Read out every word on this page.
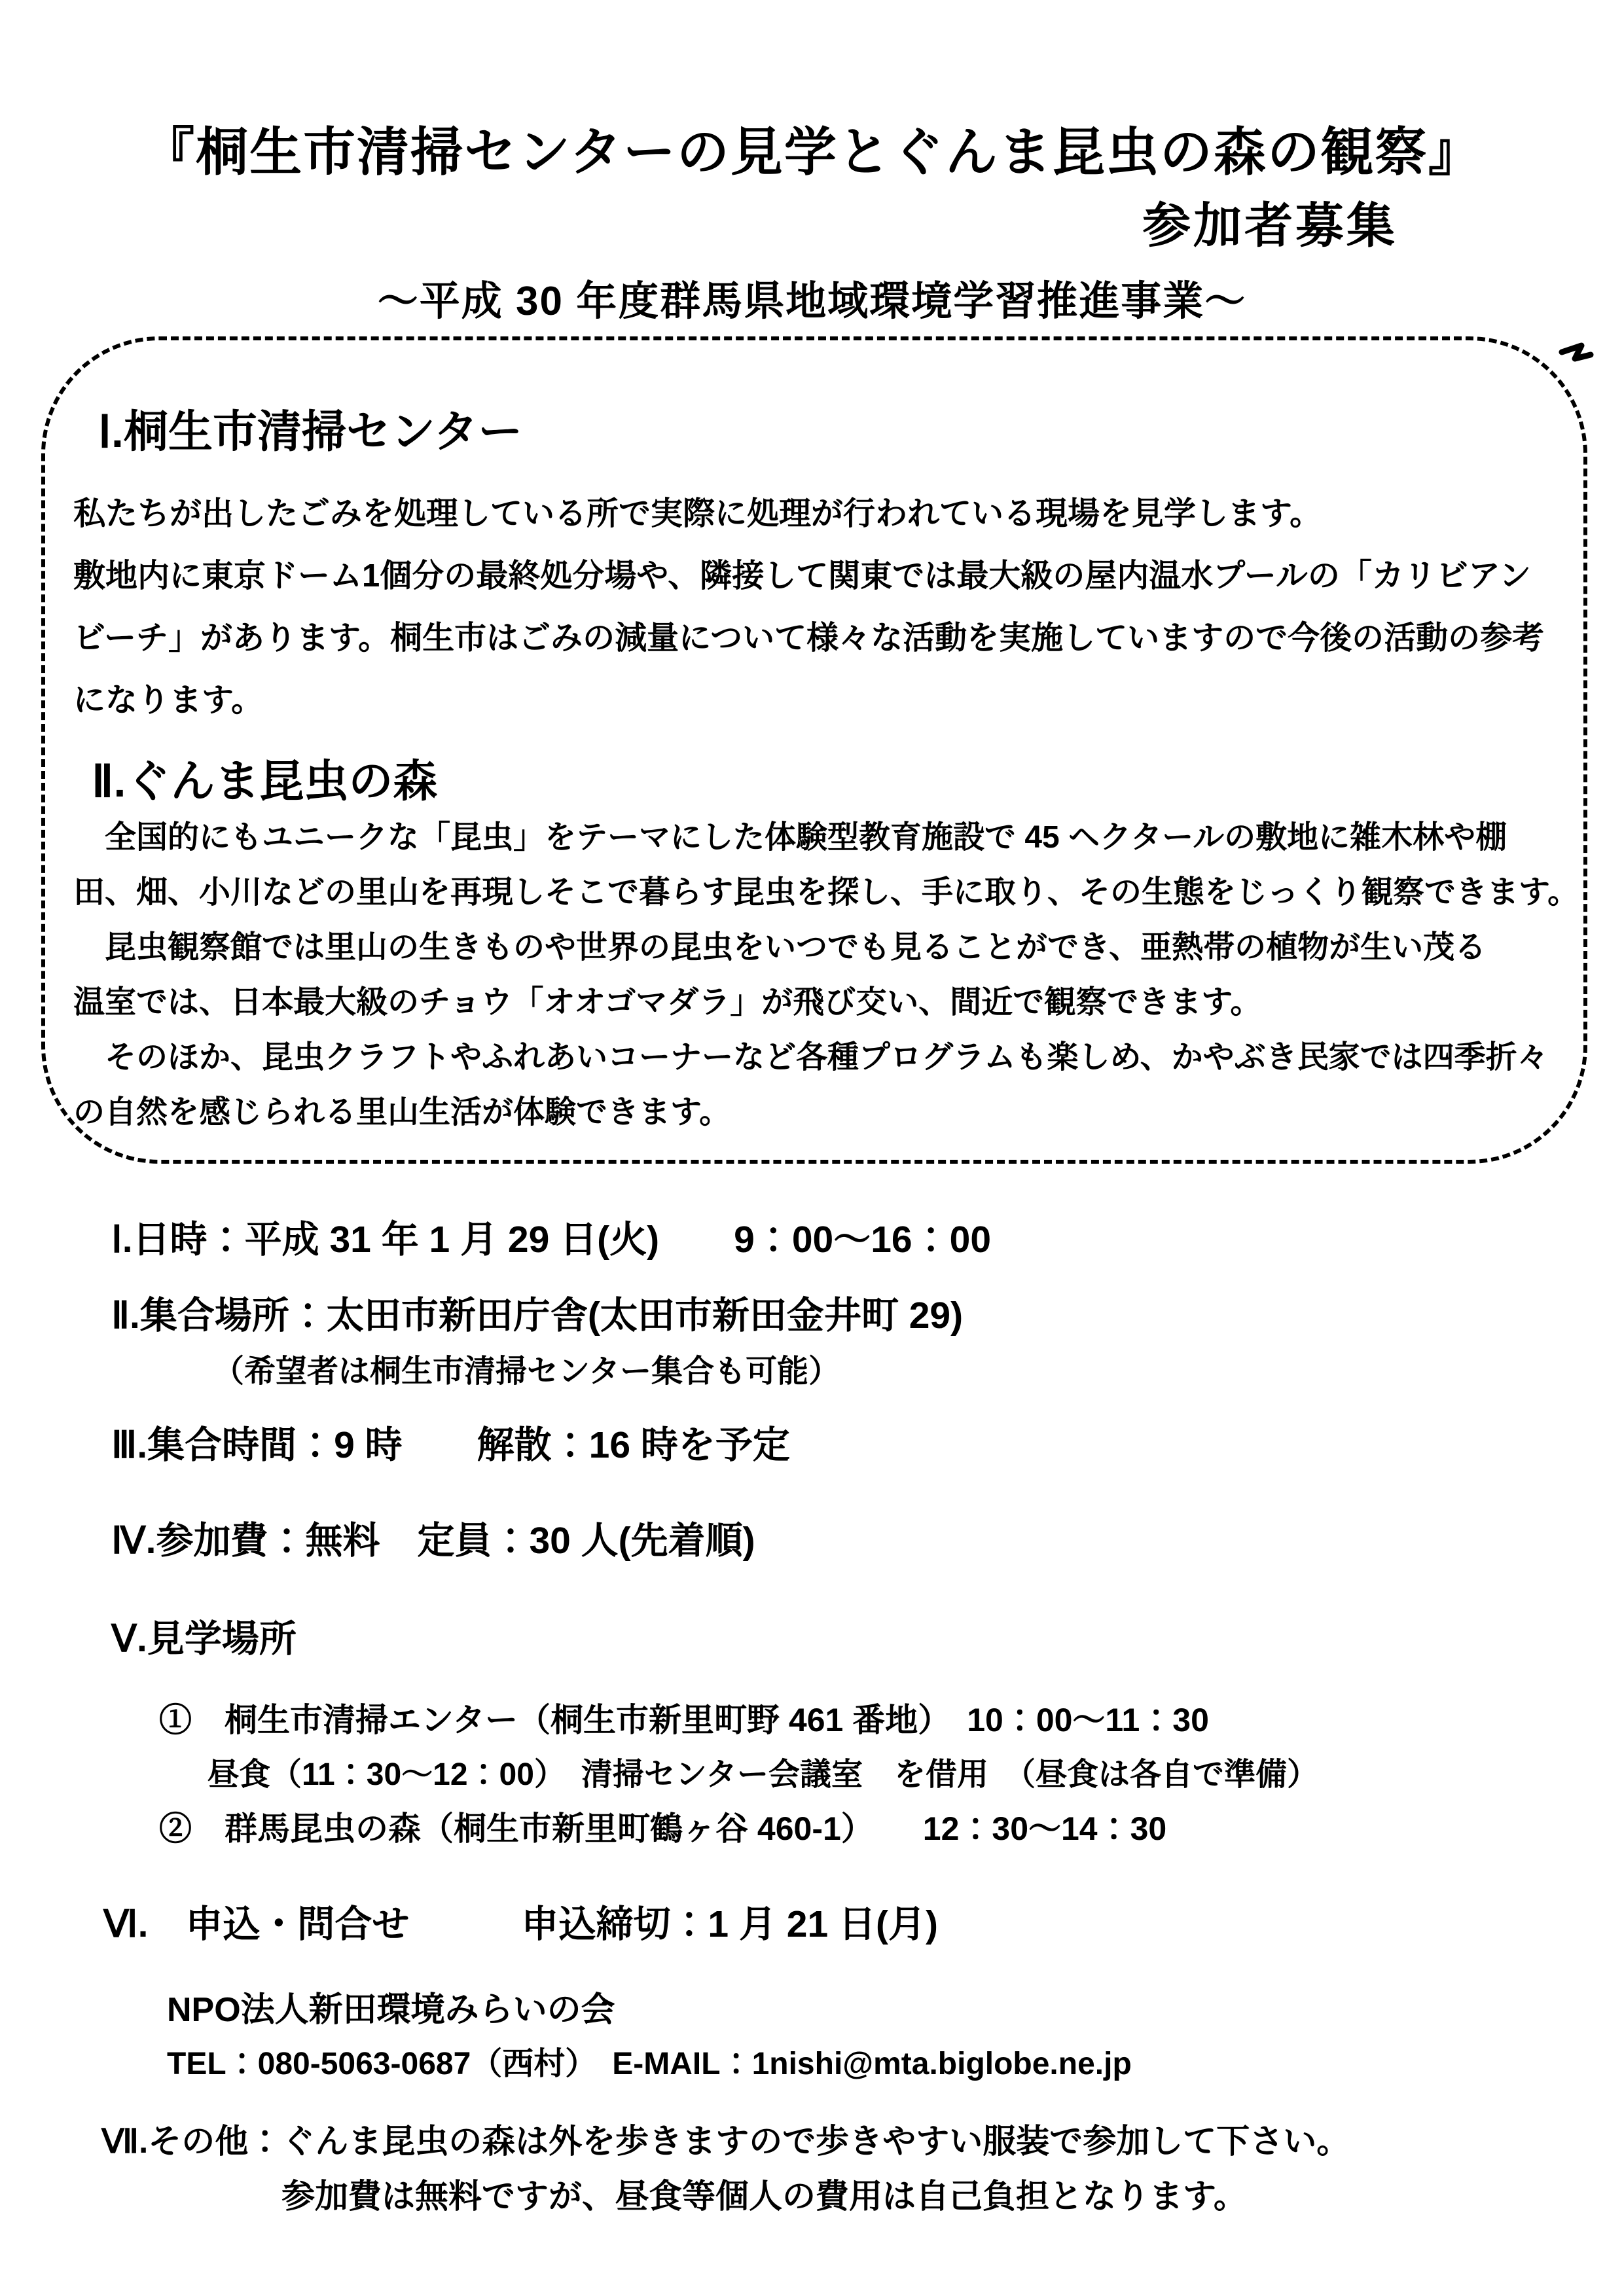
『桐生市清掃センターの見学とぐんま昆虫の森の観察』
参加者募集
～平成 30 年度群馬県地域環境学習推進事業～
Ⅰ.桐生市清掃センター
私たちが出したごみを処理している所で実際に処理が行われている現場を見学します。
敷地内に東京ドーム1個分の最終処分場や、隣接して関東では最大級の屋内温水プールの「カリビアン
ビーチ」があります。桐生市はごみの減量について様々な活動を実施していますので今後の活動の参考
になります。
Ⅱ.ぐんま昆虫の森
　全国的にもユニークな「昆虫」をテーマにした体験型教育施設で 45 ヘクタールの敷地に雑木林や棚
田、畑、小川などの里山を再現しそこで暮らす昆虫を探し、手に取り、その生態をじっくり観察できます。
　昆虫観察館では里山の生きものや世界の昆虫をいつでも見ることができ、亜熱帯の植物が生い茂る
温室では、日本最大級のチョウ「オオゴマダラ」が飛び交い、間近で観察できます。
　そのほか、昆虫クラフトやふれあいコーナーなど各種プログラムも楽しめ、かやぶき民家では四季折々
の自然を感じられる里山生活が体験できます。
Ⅰ.日時：平成 31 年 1 月 29 日(火)　　9：00～16：00
Ⅱ.集合場所：太田市新田庁舎(太田市新田金井町 29)
（希望者は桐生市清掃センター集合も可能）
Ⅲ.集合時間：9 時　　解散：16 時を予定
Ⅳ.参加費：無料　定員：30 人(先着順)
Ⅴ.見学場所
①　桐生市清掃エンター（桐生市新里町野 461 番地）　10：00～11：30
昼食（11：30～12：00）　清掃センター会議室　を借用　（昼食は各自で準備）
②　群馬昆虫の森（桐生市新里町鶴ヶ谷 460-1）　　12：30～14：30
Ⅵ.　申込・問合せ　　　申込締切：1 月 21 日(月)
NPO法人新田環境みらいの会
TEL：080-5063-0687（西村）　E-MAIL：1nishi@mta.biglobe.ne.jp
Ⅶ.その他：ぐんま昆虫の森は外を歩きますので歩きやすい服装で参加して下さい。
参加費は無料ですが、昼食等個人の費用は自己負担となります。
